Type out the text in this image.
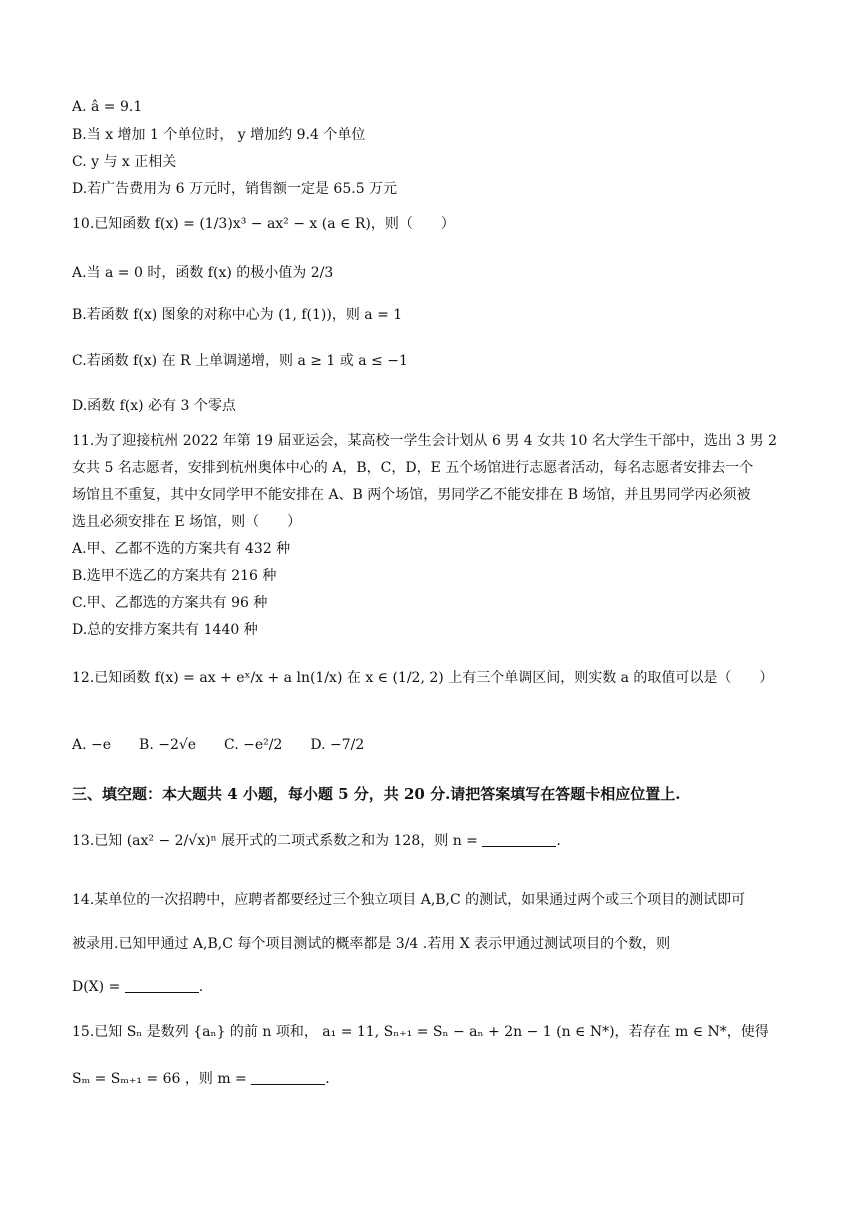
A. â = 9.1
B.当 x 增加 1 个单位时， y 增加约 9.4 个单位
C. y 与 x 正相关
D.若广告费用为 6 万元时，销售额一定是 65.5 万元
10.已知函数 f(x) = (1/3)x³ − ax² − x (a ∈ R)，则（　　）
A.当 a = 0 时，函数 f(x) 的极小值为 2/3
B.若函数 f(x) 图象的对称中心为 (1, f(1))，则 a = 1
C.若函数 f(x) 在 R 上单调递增，则 a ≥ 1 或 a ≤ −1
D.函数 f(x) 必有 3 个零点
11.为了迎接杭州 2022 年第 19 届亚运会，某高校一学生会计划从 6 男 4 女共 10 名大学生干部中，选出 3 男 2
女共 5 名志愿者，安排到杭州奥体中心的 A，B，C，D，E 五个场馆进行志愿者活动，每名志愿者安排去一个
场馆且不重复，其中女同学甲不能安排在 A、B 两个场馆，男同学乙不能安排在 B 场馆，并且男同学丙必须被
选且必须安排在 E 场馆，则（　　）
A.甲、乙都不选的方案共有 432 种
B.选甲不选乙的方案共有 216 种
C.甲、乙都选的方案共有 96 种
D.总的安排方案共有 1440 种
12.已知函数 f(x) = ax + eˣ/x + a ln(1/x) 在 x ∈ (1/2, 2) 上有三个单调区间，则实数 a 的取值可以是（　　）
A. −e　　B. −2√e　　C. −e²/2　　D. −7/2
三、填空题：本大题共 4 小题，每小题 5 分，共 20 分.请把答案填写在答题卡相应位置上.
13.已知 (ax² − 2/√x)ⁿ 展开式的二项式系数之和为 128，则 n =	.
14.某单位的一次招聘中，应聘者都要经过三个独立项目 A,B,C 的测试，如果通过两个或三个项目的测试即可
被录用.已知甲通过 A,B,C 每个项目测试的概率都是 3/4 .若用 X 表示甲通过测试项目的个数，则
D(X) =	.
15.已知 Sₙ 是数列 {aₙ} 的前 n 项和， a₁ = 11, Sₙ₊₁ = Sₙ − aₙ + 2n − 1 (n ∈ N*)，若存在 m ∈ N*，使得
Sₘ = Sₘ₊₁ = 66 ，则 m =	.
